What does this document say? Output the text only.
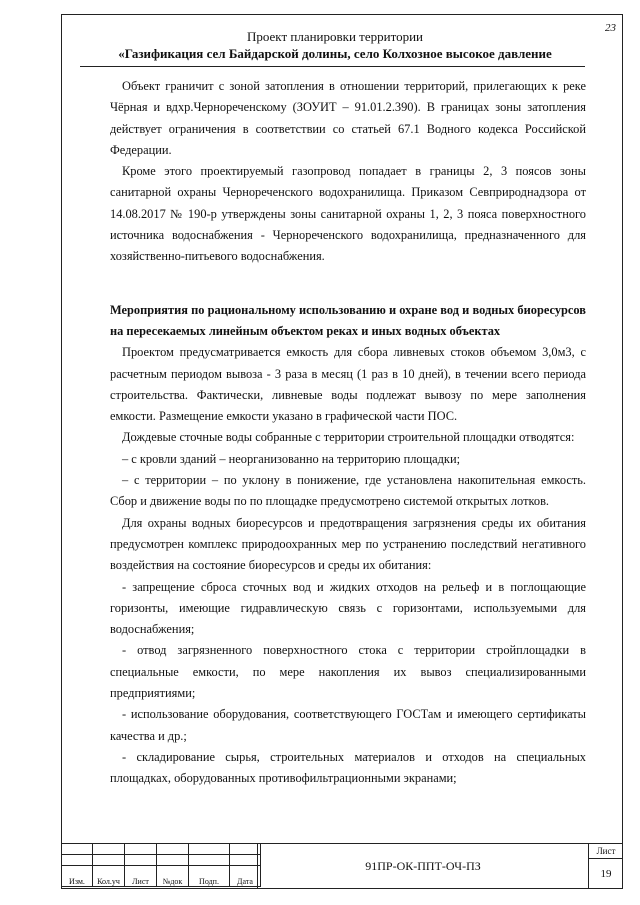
23
Проект планировки территории
«Газификация сел Байдарской долины, село Колхозное высокое давление

Объект граничит с зоной затопления в отношении территорий, прилегающих к реке Чёрная и вдхр.Чернореченскому (ЗОУИТ – 91.01.2.390). В границах зоны затопления действует ограничения в соответствии со статьей 67.1 Водного кодекса Российской Федерации.

Кроме этого проектируемый газопровод попадает в границы 2, 3 поясов зоны санитарной охраны Чернореченского водохранилища. Приказом Севприроднадзора от 14.08.2017 № 190-р утверждены зоны санитарной охраны 1, 2, 3 пояса поверхностного источника водоснабжения - Чернореченского водохранилища, предназначенного для хозяйственно-питьевого водоснабжения.

Мероприятия по рациональному использованию и охране вод и водных биоресурсов на пересекаемых линейным объектом реках и иных водных объектах

Проектом предусматривается емкость для сбора ливневых стоков объемом 3,0м3, с расчетным периодом вывоза - 3 раза в месяц (1 раз в 10 дней), в течении всего периода строительства. Фактически, ливневые воды подлежат вывозу по мере заполнения емкости. Размещение емкости указано в графической части ПОС.

Дождевые сточные воды собранные с территории строительной площадки отводятся:

– с кровли зданий – неорганизованно на территорию площадки;

– с территории – по уклону в понижение, где установлена накопительная емкость. Сбор и движение воды по по площадке предусмотрено системой открытых лотков.

Для охраны водных биоресурсов и предотвращения загрязнения среды их обитания предусмотрен комплекс природоохранных мер по устранению последствий негативного воздействия на состояние биоресурсов и среды их обитания:

- запрещение сброса сточных вод и жидких отходов на рельеф и в поглощающие горизонты, имеющие гидравлическую связь с горизонтами, используемыми для водоснабжения;

- отвод загрязненного поверхностного стока с территории стройплощадки в специальные емкости, по мере накопления их вывоз специализированными предприятиями;

- использование оборудования, соответствующего ГОСТам и имеющего сертификаты качества и др.;

- складирование сырья, строительных материалов и отходов на специальных площадках, оборудованных противофильтрационными экранами;

Изм.	Кол.уч	Лист	№док	Подп.	Дата
91ПР-ОК-ППТ-ОЧ-ПЗ
Лист
19
